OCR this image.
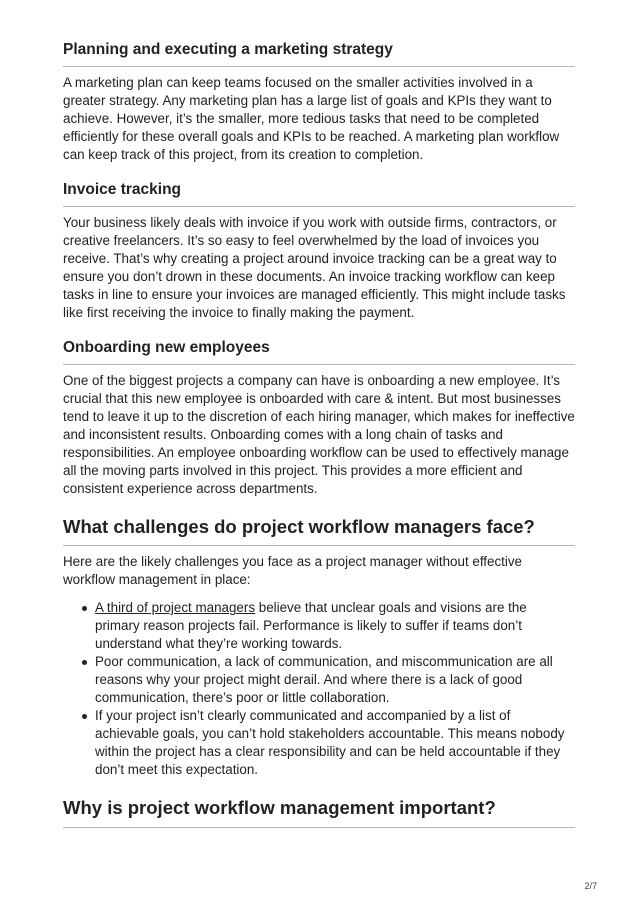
Planning and executing a marketing strategy

A marketing plan can keep teams focused on the smaller activities involved in a greater strategy. Any marketing plan has a large list of goals and KPIs they want to achieve. However, it’s the smaller, more tedious tasks that need to be completed efficiently for these overall goals and KPIs to be reached. A marketing plan workflow can keep track of this project, from its creation to completion.

Invoice tracking

Your business likely deals with invoice if you work with outside firms, contractors, or creative freelancers. It’s so easy to feel overwhelmed by the load of invoices you receive. That’s why creating a project around invoice tracking can be a great way to ensure you don’t drown in these documents. An invoice tracking workflow can keep tasks in line to ensure your invoices are managed efficiently. This might include tasks like first receiving the invoice to finally making the payment.

Onboarding new employees

One of the biggest projects a company can have is onboarding a new employee. It’s crucial that this new employee is onboarded with care & intent. But most businesses tend to leave it up to the discretion of each hiring manager, which makes for ineffective and inconsistent results. Onboarding comes with a long chain of tasks and responsibilities. An employee onboarding workflow can be used to effectively manage all the moving parts involved in this project. This provides a more efficient and consistent experience across departments.

What challenges do project workflow managers face?

Here are the likely challenges you face as a project manager without effective workflow management in place:

A third of project managers believe that unclear goals and visions are the primary reason projects fail. Performance is likely to suffer if teams don’t understand what they’re working towards.
Poor communication, a lack of communication, and miscommunication are all reasons why your project might derail. And where there is a lack of good communication, there’s poor or little collaboration.
If your project isn’t clearly communicated and accompanied by a list of achievable goals, you can’t hold stakeholders accountable. This means nobody within the project has a clear responsibility and can be held accountable if they don’t meet this expectation.
Why is project workflow management important?
2/7
